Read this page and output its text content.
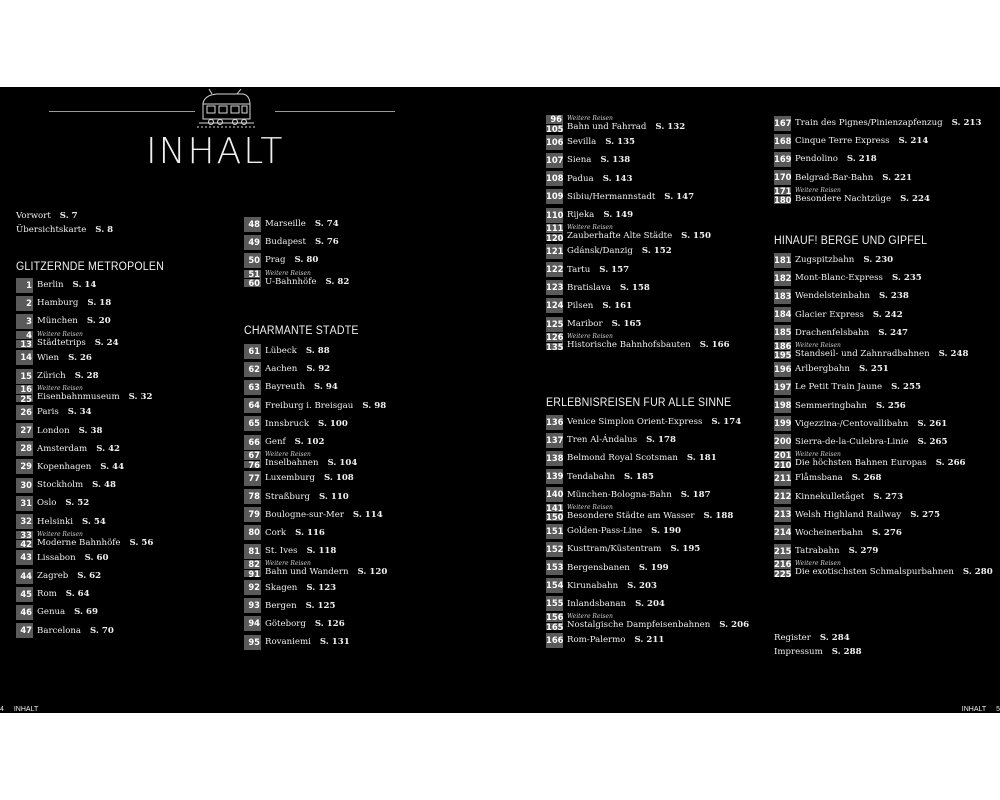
INHALT
Vorwort S. 7
Übersichtskarte S. 8
GLITZERNDE METROPOLEN
1 Berlin S. 14
2 Hamburg S. 18
3 München S. 20
4
13
Weitere Reisen
Städtetrips S. 24
14 Wien S. 26
15 Zürich S. 28
16
25
Weitere Reisen
Eisenbahnmuseum S. 32
26 Paris S. 34
27 London S. 38
28 Amsterdam S. 42
29 Kopenhagen S. 44
30 Stockholm S. 48
31 Oslo S. 52
32 Helsinki S. 54
33
42
Weitere Reisen
Moderne Bahnhöfe S. 56
43 Lissabon S. 60
44 Zagreb S. 62
45 Rom S. 64
46 Genua S. 69
47 Barcelona S. 70
48 Marseille S. 74
49 Budapest S. 76
50 Prag S. 80
51
60
Weitere Reisen
U-Bahnhöfe S. 82
CHARMANTE STÄDTE
61 Lübeck S. 88
62 Aachen S. 92
63 Bayreuth S. 94
64 Freiburg i. Breisgau S. 98
65 Innsbruck S. 100
66 Genf S. 102
67
76
Weitere Reisen
Inselbahnen S. 104
77 Luxemburg S. 108
78 Straßburg S. 110
79 Boulogne-sur-Mer S. 114
80 Cork S. 116
81 St. Ives S. 118
82
91
Weitere Reisen
Bahn und Wandern S. 120
92 Skagen S. 123
93 Bergen S. 125
94 Göteborg S. 126
95 Rovaniemi S. 131
96
105
Weitere Reisen
Bahn und Fahrrad S. 132
106 Sevilla S. 135
107 Siena S. 138
108 Padua S. 143
109 Sibiu/Hermannstadt S. 147
110 Rijeka S. 149
111
120
Weitere Reisen
Zauberhafte Alte Städte S. 150
121 Gdánsk/Danzig S. 152
122 Tartu S. 157
123 Bratislava S. 158
124 Pilsen S. 161
125 Maribor S. 165
126
135
Weitere Reisen
Historische Bahnhofsbauten S. 166
ERLEBNISREISEN FÜR ALLE SINNE
136 Venice Simplon Orient-Express S. 174
137 Tren Al-Ándalus S. 178
138 Belmond Royal Scotsman S. 181
139 Tendabahn S. 185
140 München-Bologna-Bahn S. 187
141
150
Weitere Reisen
Besondere Städte am Wasser S. 188
151 Golden-Pass-Line S. 190
152 Kusttram/Küstentram S. 195
153 Bergensbanen S. 199
154 Kirunabahn S. 203
155 Inlandsbanan S. 204
156
165
Weitere Reisen
Nostalgische Dampfeisenbahnen S. 206
166 Rom-Palermo S. 211
167 Train des Pignes/Pinienzapfenzug S. 213
168 Cinque Terre Express S. 214
169 Pendolino S. 218
170 Belgrad-Bar-Bahn S. 221
171
180
Weitere Reisen
Besondere Nachtzüge S. 224
HINAUF! BERGE UND GIPFEL
181 Zugspitzbahn S. 230
182 Mont-Blanc-Express S. 235
183 Wendelsteinbahn S. 238
184 Glacier Express S. 242
185 Drachenfelsbahn S. 247
186
195
Weitere Reisen
Standseil- und Zahnradbahnen S. 248
196 Arlbergbahn S. 251
197 Le Petit Train Jaune S. 255
198 Semmeringbahn S. 256
199 Vigezzina-/Centovallibahn S. 261
200 Sierra-de-la-Culebra-Linie S. 265
201
210
Weitere Reisen
Die höchsten Bahnen Europas S. 266
211 Flåmsbana S. 268
212 Kinnekulletåget S. 273
213 Welsh Highland Railway S. 275
214 Wocheinerbahn S. 276
215 Tatrabahn S. 279
216
225
Weitere Reisen
Die exotischsten Schmalspurbahnen S. 280
Register S. 284
Impressum S. 288
4 INHALT	INHALT 5
